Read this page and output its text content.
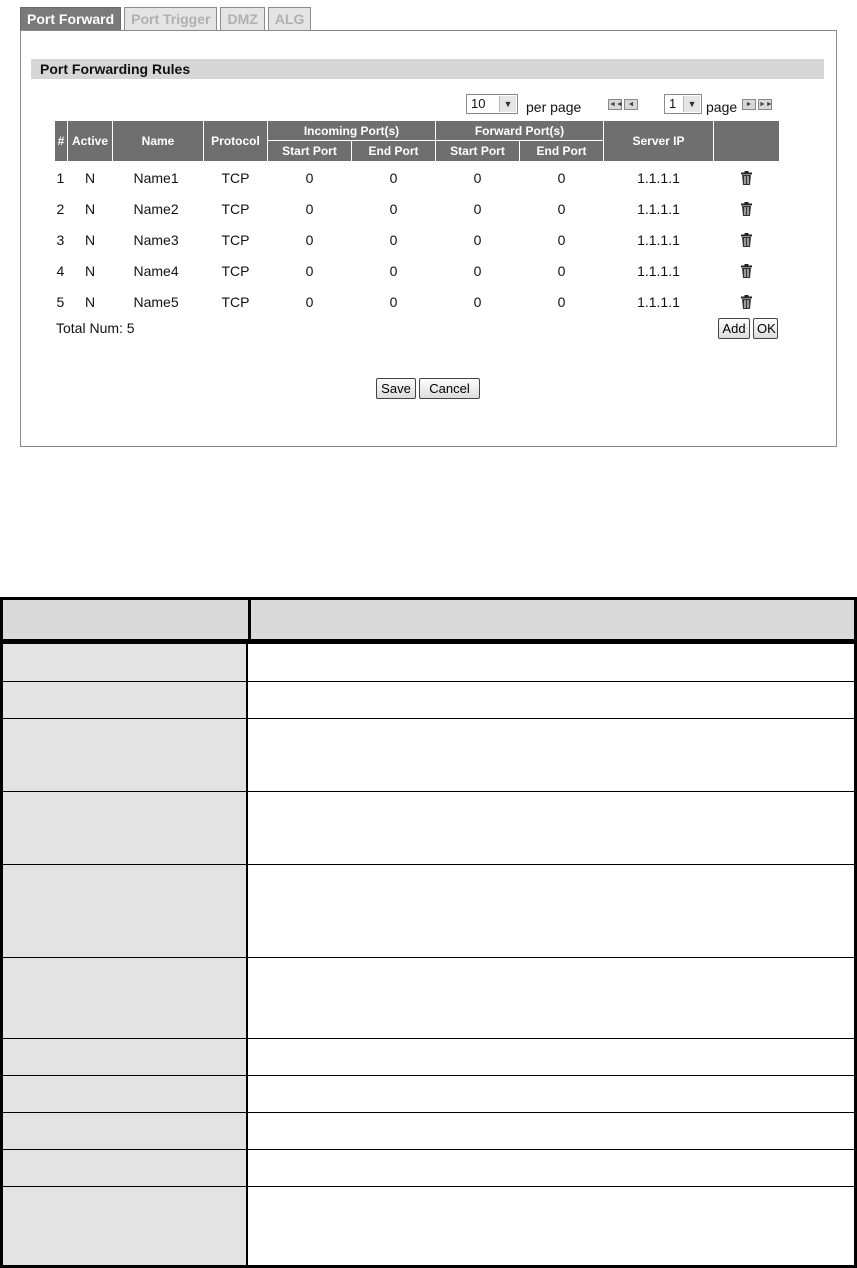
Port Forward	Port Trigger	DMZ	ALG
Port Forwarding Rules
10	▼ per page	◄◄ ◄	1	▼ page	► ►►
#	Active	Name	Protocol	Incoming Port(s)		Forward Port(s)		Server IP	
				Start Port	End Port	Start Port	End Port		
1	N	Name1	TCP	0	0	0	0	1.1.1.1	
2	N	Name2	TCP	0	0	0	0	1.1.1.1	
3	N	Name3	TCP	0	0	0	0	1.1.1.1	
4	N	Name4	TCP	0	0	0	0	1.1.1.1	
5	N	Name5	TCP	0	0	0	0	1.1.1.1	
Total Num: 5	Add OK
Save	Cancel
